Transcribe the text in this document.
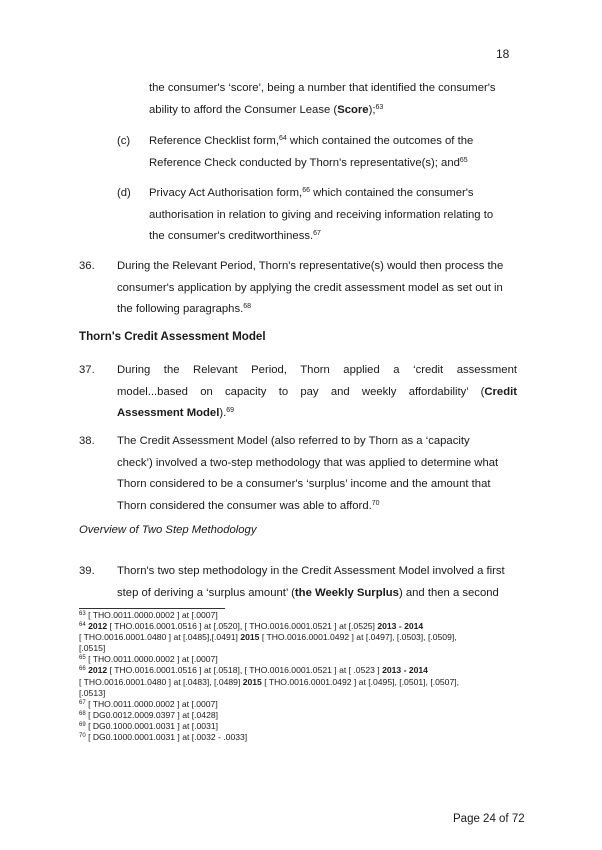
18
the consumer's ‘score’, being a number that identified the consumer's
ability to afford the Consumer Lease (Score);$^{63}$
(c) Reference Checklist form,$^{64}$ which contained the outcomes of the
Reference Check conducted by Thorn's representative(s); and$^{65}$
(d) Privacy Act Authorisation form,$^{66}$ which contained the consumer's
authorisation in relation to giving and receiving information relating to
the consumer's creditworthiness.$^{67}$
36. During the Relevant Period, Thorn's representative(s) would then process the
consumer's application by applying the credit assessment model as set out in
the following paragraphs.$^{68}$
Thorn's Credit Assessment Model
37. During the Relevant Period, Thorn applied a ‘credit assessment
model...based on capacity to pay and weekly affordability’ (Credit
Assessment Model).$^{69}$
38. The Credit Assessment Model (also referred to by Thorn as a ‘capacity
check’) involved a two-step methodology that was applied to determine what
Thorn considered to be a consumer's ‘surplus’ income and the amount that
Thorn considered the consumer was able to afford.$^{70}$
Overview of Two Step Methodology
39. Thorn's two step methodology in the Credit Assessment Model involved a first
step of deriving a ‘surplus amount’ (the Weekly Surplus) and then a second
$^{63}$ [ THO.0011.0000.0002 ] at [.0007]
$^{64}$ 2012 [ THO.0016.0001.0516 ] at [.0520], [ THO.0016.0001.0521 ] at [.0525] 2013 - 2014
[ THO.0016.0001.0480 ] at [.0485],[.0491] 2015 [ THO.0016.0001.0492 ] at [.0497], [.0503], [.0509],
[.0515]
$^{65}$ [ THO.0011.0000.0002 ] at [.0007]
$^{66}$ 2012 [ THO.0016.0001.0516 ] at [.0518], [ THO.0016.0001.0521 ] at [ .0523 ] 2013 - 2014
[ THO.0016.0001.0480 ] at [.0483], [.0489] 2015 [ THO.0016.0001.0492 ] at [.0495], [.0501], [.0507],
[.0513]
$^{67}$ [ THO.0011.0000.0002 ] at [.0007]
$^{68}$ [ DG0.0012.0009.0397 ] at [.0428]
$^{69}$ [ DG0.1000.0001.0031 ] at [.0031]
$^{70}$ [ DG0.1000.0001.0031 ] at [.0032 - .0033]
Page 24 of 72
